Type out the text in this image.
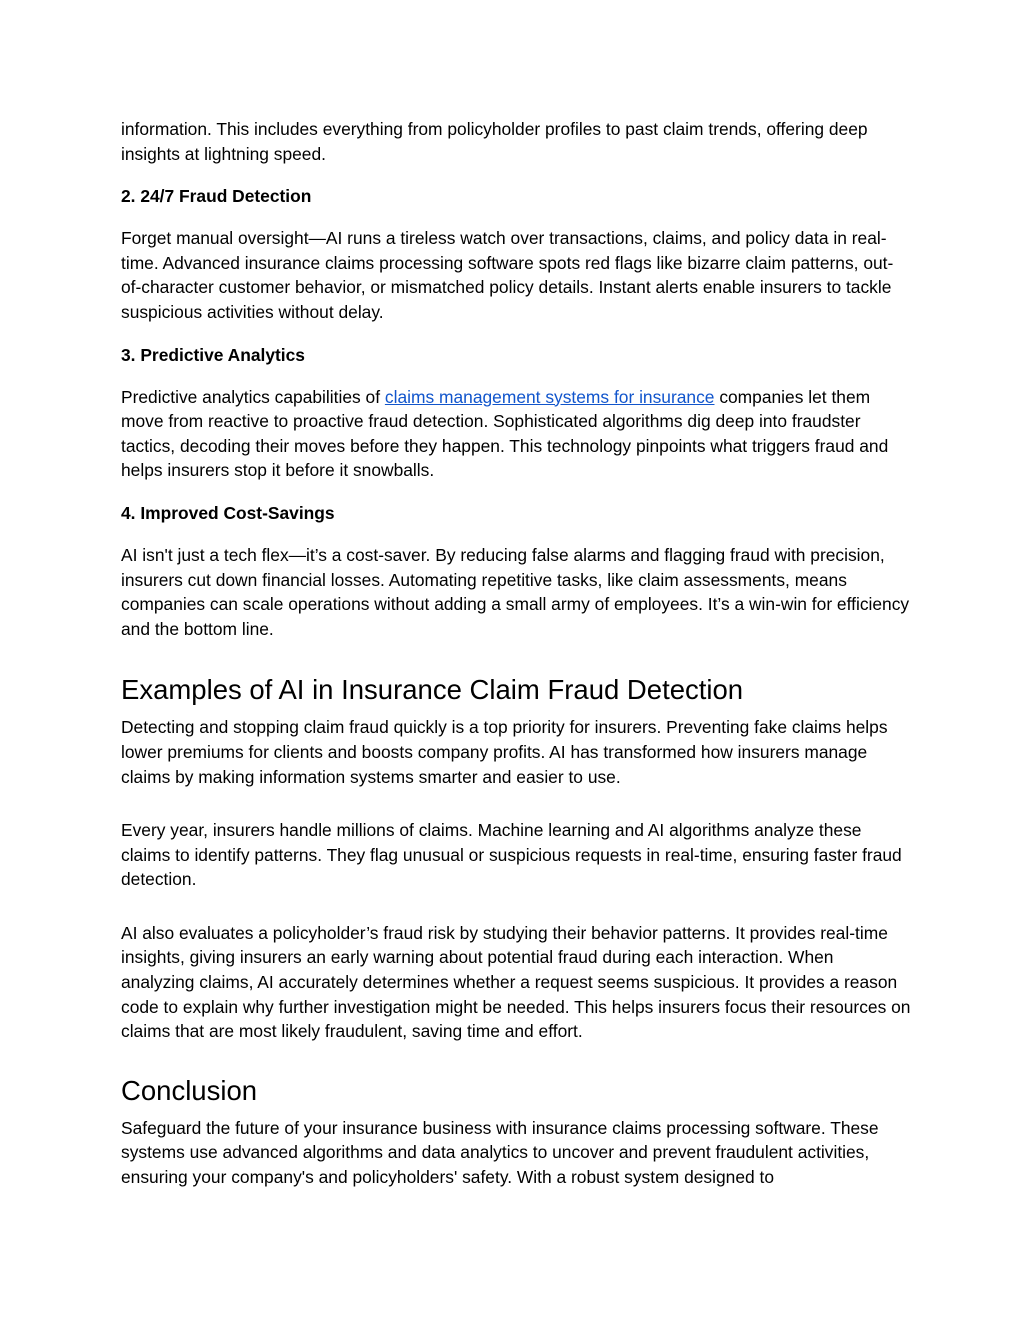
information. This includes everything from policyholder profiles to past claim trends, offering deep insights at lightning speed.

2. 24/7 Fraud Detection

Forget manual oversight—AI runs a tireless watch over transactions, claims, and policy data in real-time. Advanced insurance claims processing software spots red flags like bizarre claim patterns, out-of-character customer behavior, or mismatched policy details. Instant alerts enable insurers to tackle suspicious activities without delay.

3. Predictive Analytics

Predictive analytics capabilities of claims management systems for insurance companies let them move from reactive to proactive fraud detection. Sophisticated algorithms dig deep into fraudster tactics, decoding their moves before they happen. This technology pinpoints what triggers fraud and helps insurers stop it before it snowballs.

4. Improved Cost-Savings

AI isn't just a tech flex—it’s a cost-saver. By reducing false alarms and flagging fraud with precision, insurers cut down financial losses. Automating repetitive tasks, like claim assessments, means companies can scale operations without adding a small army of employees. It’s a win-win for efficiency and the bottom line.

Examples of AI in Insurance Claim Fraud Detection

Detecting and stopping claim fraud quickly is a top priority for insurers. Preventing fake claims helps lower premiums for clients and boosts company profits. AI has transformed how insurers manage claims by making information systems smarter and easier to use.

Every year, insurers handle millions of claims. Machine learning and AI algorithms analyze these claims to identify patterns. They flag unusual or suspicious requests in real-time, ensuring faster fraud detection.

AI also evaluates a policyholder’s fraud risk by studying their behavior patterns. It provides real-time insights, giving insurers an early warning about potential fraud during each interaction. When analyzing claims, AI accurately determines whether a request seems suspicious. It provides a reason code to explain why further investigation might be needed. This helps insurers focus their resources on claims that are most likely fraudulent, saving time and effort.

Conclusion

Safeguard the future of your insurance business with insurance claims processing software. These systems use advanced algorithms and data analytics to uncover and prevent fraudulent activities, ensuring your company's and policyholders' safety. With a robust system designed to
